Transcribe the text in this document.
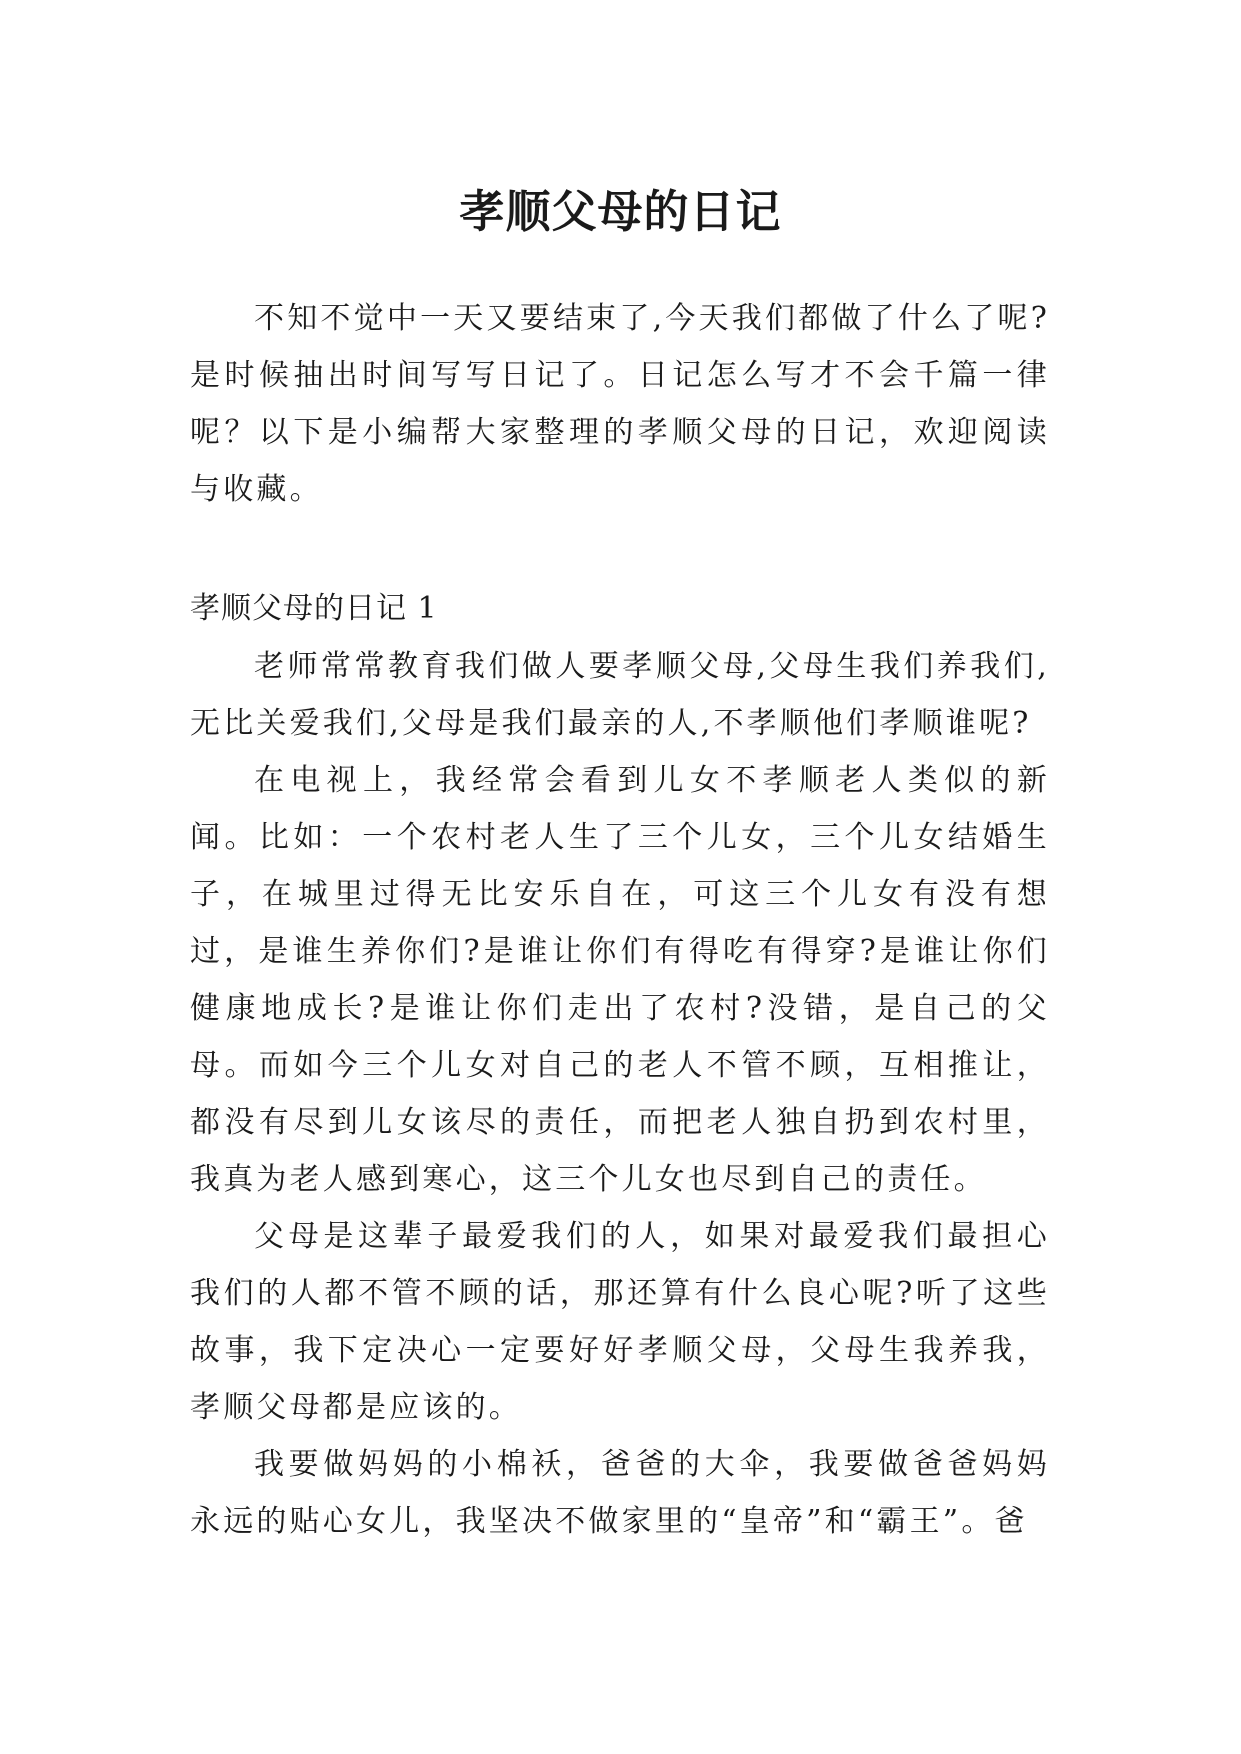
孝顺父母的日记

不知不觉中一天又要结束了,今天我们都做了什么了呢?是时候抽出时间写写日记了。日记怎么写才不会千篇一律呢？以下是小编帮大家整理的孝顺父母的日记，欢迎阅读与收藏。

孝顺父母的日记 1

老师常常教育我们做人要孝顺父母,父母生我们养我们,无比关爱我们,父母是我们最亲的人,不孝顺他们孝顺谁呢?

在电视上，我经常会看到儿女不孝顺老人类似的新闻。比如：一个农村老人生了三个儿女，三个儿女结婚生子，在城里过得无比安乐自在，可这三个儿女有没有想过，是谁生养你们?是谁让你们有得吃有得穿?是谁让你们健康地成长?是谁让你们走出了农村?没错，是自己的父母。而如今三个儿女对自己的老人不管不顾，互相推让，都没有尽到儿女该尽的责任，而把老人独自扔到农村里，我真为老人感到寒心，这三个儿女也尽到自己的责任。

父母是这辈子最爱我们的人，如果对最爱我们最担心我们的人都不管不顾的话，那还算有什么良心呢?听了这些故事，我下定决心一定要好好孝顺父母，父母生我养我，孝顺父母都是应该的。

我要做妈妈的小棉袄，爸爸的大伞，我要做爸爸妈妈永远的贴心女儿，我坚决不做家里的“皇帝”和“霸王”。爸
